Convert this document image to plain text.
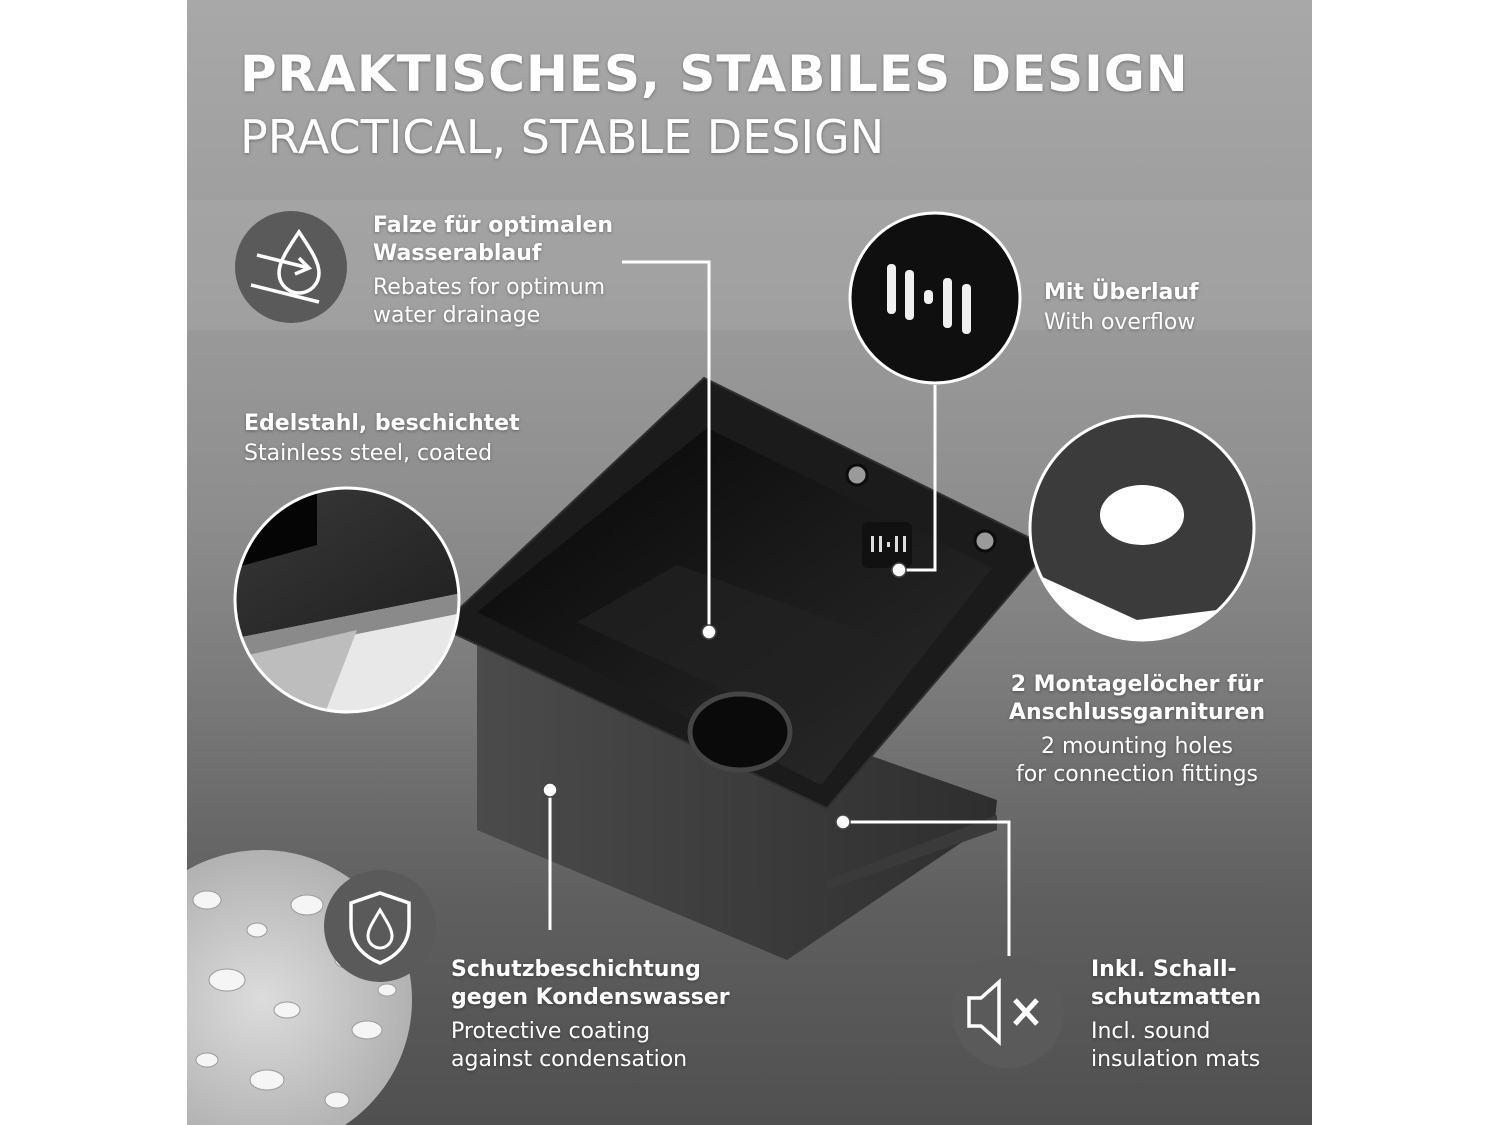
PRAKTISCHES, STABILES DESIGN
PRACTICAL, STABLE DESIGN

Falze für optimalen
Wasserablauf

Rebates for optimum
water drainage

Mit Überlauf

With overflow

Edelstahl, beschichtet

Stainless steel, coated

2 Montagelöcher für
Anschlussgarnituren

2 mounting holes
for connection fittings

Schutzbeschichtung
gegen Kondenswasser

Protective coating
against condensation

Inkl. Schall-
schutzmatten

Incl. sound
insulation mats
